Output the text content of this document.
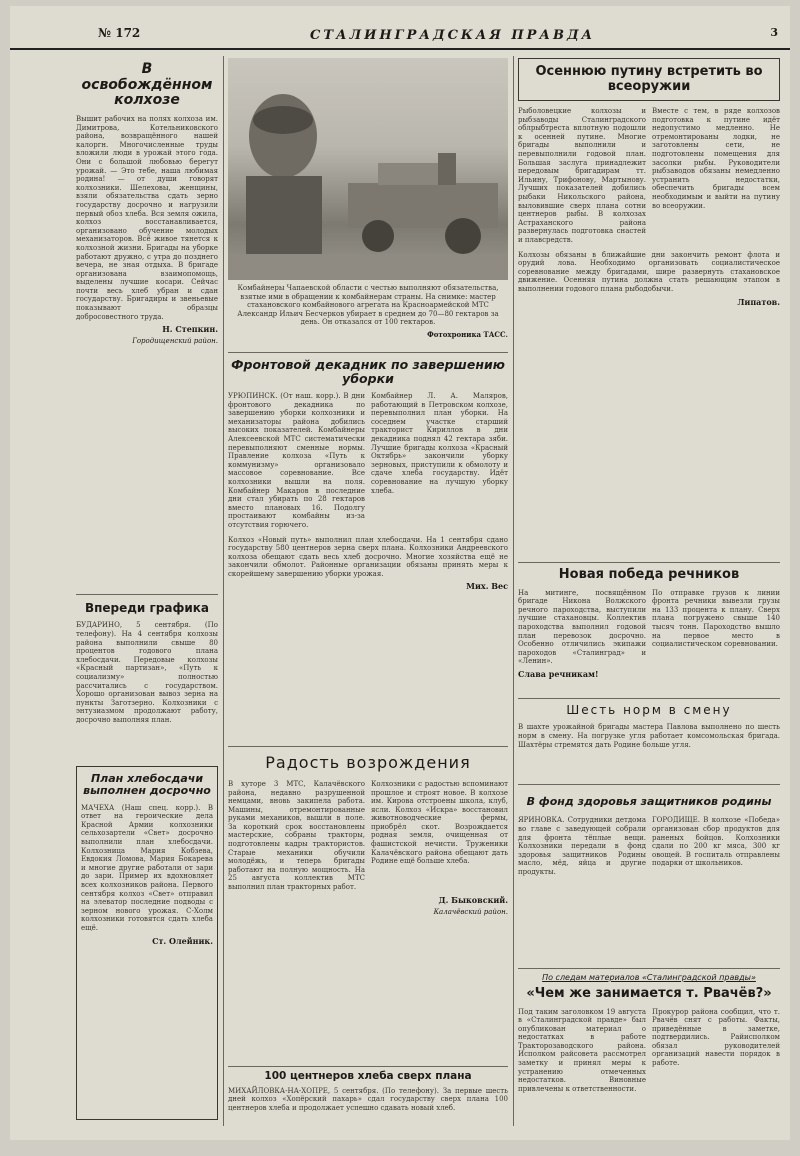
№ 172	СТАЛИНГРАДСКАЯ ПРАВДА	3
В освобождённом колхозе
Вышит рабочих на полях колхоза им. Димитрова, Котельниковского района, возвращённого нашей калоргн. Многочисленные труды вложили люди в урожай этого года. Они с большой любовью берегут урожай. — Это тебе, наша любимая родина! — от души говорят колхозники. Шелеховы, женщины, взяли обязательства сдать зерно государству досрочно и нагрузили первый обоз хлеба. Вся земля ожила, колхоз восстанавливается, организовано обучение молодых механизаторов. Всё живое тянется к колхозной жизни. Бригады на уборке работают дружно, с утра до позднего вечера, не зная отдыха. В бригаде организована взаимопомощь, выделены лучшие косари. Сейчас почти весь хлеб убран и сдан государству. Бригадиры и звеньевые показывают образцы добросовестного труда.
Н. Степкин.
Городищенский район.
Впереди графика
БУДАРИНО, 5 сентября. (По телефону). На 4 сентября колхозы района выполнили свыше 80 процентов годового плана хлебосдачи. Передовые колхозы «Красный партизан», «Путь к социализму» полностью рассчитались с государством. Хорошо организован вывоз зерна на пункты Заготзерно. Колхозники с энтузиазмом продолжают работу, досрочно выполняя план.
План хлебосдачи выполнен досрочно
МАЧЕХА (Наш спец. корр.). В ответ на героические дела Красной Армии колхозники сельхозартели «Свет» досрочно выполнили план хлебосдачи. Колхозница Мария Кобзева, Евдокия Ломова, Мария Бокарева и многие другие работали от зари до зари. Пример их вдохновляет всех колхозников района. Первого сентября колхоз «Свет» отправил на элеватор последние подводы с зерном нового урожая. С-Холм колхозники готовятся сдать хлеба ещё.
Ст. Олейник.
Комбайнеры Чапаевской области с честью выполняют обязательства, взятые ими в обращении к комбайнерам страны. На снимке: мастер стахановского комбайнового агрегата на Красноармейской МТС Александр Ильич Бесчерков убирает в среднем до 70—80 гектаров за день. Он отказался от 100 гектаров.
Фотохроника ТАСС.
Фронтовой декадник по завершению уборки
УРЮПИНСК. (От наш. корр.). В дни фронтового декадника по завершению уборки колхозники и механизаторы района добились высоких показателей. Комбайнеры Алексеевской МТС систематически перевыполняют сменные нормы. Правление колхоза «Путь к коммунизму» организовало массовое соревнование. Все колхозники вышли на поля. Комбайнер Макаров в последние дни стал убирать по 28 гектаров вместо плановых 16. Подолгу простаивают комбайны из-за отсутствия горючего.
Комбайнер Л. А. Маляров, работающий в Петровском колхозе, перевыполнил план уборки. На соседнем участке старший тракторист Кириллов в дни декадника поднял 42 гектара зяби. Лучшие бригады колхоза «Красный Октябрь» закончили уборку зерновых, приступили к обмолоту и сдаче хлеба государству. Идёт соревнование на лучшую уборку хлеба.
Колхоз «Новый путь» выполнил план хлебосдачи. На 1 сентября сдано государству 580 центнеров зерна сверх плана. Колхозники Андреевского колхоза обещают сдать весь хлеб досрочно. Многие хозяйства ещё не закончили обмолот. Районные организации обязаны принять меры к скорейшему завершению уборки урожая.
Мих. Вес
Радость возрождения
В хуторе 3 МТС, Калачёвского района, недавно разрушенной немцами, вновь закипела работа. Машины, отремонтированные руками механиков, вышли в поле. За короткий срок восстановлены мастерские, собраны тракторы, подготовлены кадры трактористов. Старые механики обучили молодёжь, и теперь бригады работают на полную мощность. На 25 августа коллектив МТС выполнил план тракторных работ.
Колхозники с радостью вспоминают прошлое и строят новое. В колхозе им. Кирова отстроены школа, клуб, ясли. Колхоз «Искра» восстановил животноводческие фермы, приобрёл скот. Возрождается родная земля, очищенная от фашистской нечисти. Труженики Калачёвского района обещают дать Родине ещё больше хлеба.
Д. Быковский.
Калачёвский район.
100 центнеров хлеба сверх плана
МИХАЙЛОВКА-НА-ХОПРЕ, 5 сентября. (По телефону). За первые шесть дней колхоз «Хопёрский пахарь» сдал государству сверх плана 100 центнеров хлеба и продолжает успешно сдавать новый хлеб.
Осеннюю путину встретить во всеоружии
Рыболовецкие колхозы и рыбзаводы Сталинградского облрыбтреста вплотную подошли к осенней путине. Многие бригады выполнили и перевыполнили годовой план. Большая заслуга принадлежит передовым бригадирам тт. Ильину, Трифонову, Мартынову. Лучших показателей добились рыбаки Никольского района, выловившие сверх плана сотни центнеров рыбы. В колхозах Астраханского района развернулась подготовка снастей и плавсредств.
Вместе с тем, в ряде колхозов подготовка к путине идёт недопустимо медленно. Не отремонтированы лодки, не заготовлены сети, не подготовлены помещения для засолки рыбы. Руководители рыбзаводов обязаны немедленно устранить недостатки, обеспечить бригады всем необходимым и выйти на путину во всеоружии.
Колхозы обязаны в ближайшие дни закончить ремонт флота и орудий лова. Необходимо организовать социалистическое соревнование между бригадами, шире развернуть стахановское движение. Осенняя путина должна стать решающим этапом в выполнении годового плана рыбодобычи.
Липатов.
Новая победа речников
На митинге, посвящённом бригаде Никона Волжского речного пароходства, выступили лучшие стахановцы. Коллектив пароходства выполнил годовой план перевозок досрочно. Особенно отличились экипажи пароходов «Сталинград» и «Ленин».
По отправке грузов к линии фронта речники вывезли грузы на 133 процента к плану. Сверх плана погружено свыше 140 тысяч тонн. Пароходство вышло на первое место в социалистическом соревновании.
Слава речникам!
Шесть норм в смену
В шахте урожайной бригады мастера Павлова выполнено по шесть норм в смену. На погрузке угля работает комсомольская бригада. Шахтёры стремятся дать Родине больше угля.
В фонд здоровья защитников родины
ЯРИНОВКА. Сотрудники детдома во главе с заведующей собрали для фронта тёплые вещи. Колхозники передали в фонд здоровья защитников Родины масло, мёд, яйца и другие продукты.
ГОРОДИЩЕ. В колхозе «Победа» организован сбор продуктов для раненых бойцов. Колхозники сдали по 200 кг мяса, 300 кг овощей. В госпиталь отправлены подарки от школьников.
По следам материалов «Сталинградской правды»
«Чем же занимается т. Рвачёв?»
Под таким заголовком 19 августа в «Сталинградской правде» был опубликован материал о недостатках в работе Тракторозаводского района. Исполком райсовета рассмотрел заметку и принял меры к устранению отмеченных недостатков. Виновные привлечены к ответственности.
Прокурор района сообщил, что т. Рвачёв снят с работы. Факты, приведённые в заметке, подтвердились. Райисполком обязал руководителей организаций навести порядок в работе.
